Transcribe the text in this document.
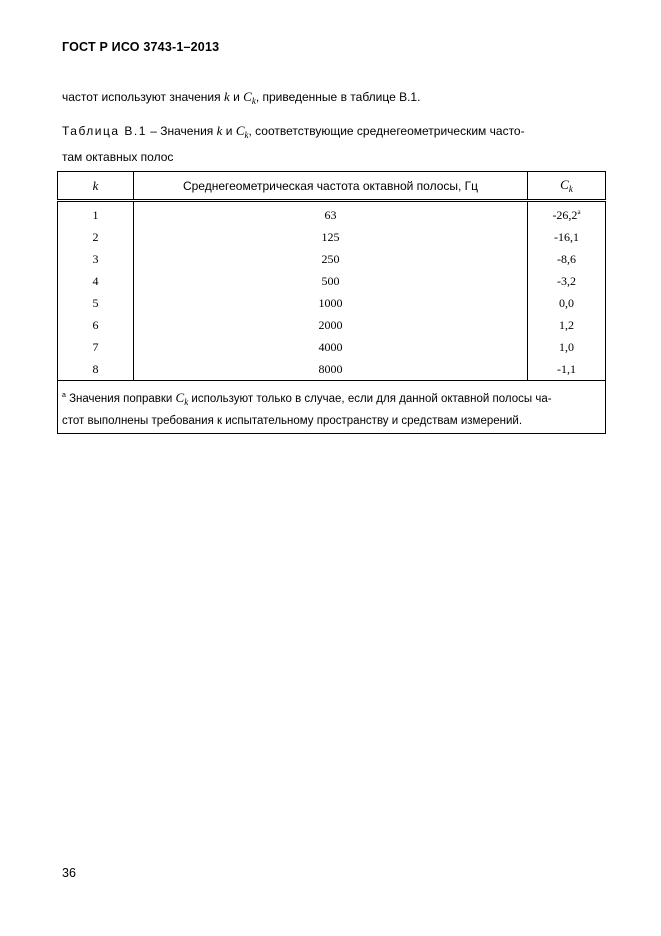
ГОСТ Р ИСО 3743-1–2013
частот используют значения k и $C_k$, приведенные в таблице В.1.
Таблица В.1 – Значения k и $C_k$, соответствующие среднегеометрическим часто-
там октавных полос
k	Среднегеометрическая частота октавной полосы, Гц	$C_k$
1	63	-26,2$^a$
2	125	-16,1
3	250	-8,6
4	500	-3,2
5	1000	0,0
6	2000	1,2
7	4000	1,0
8	8000	-1,1
$^a$ Значения поправки $C_k$ используют только в случае, если для данной октавной полосы ча-
стот выполнены требования к испытательному пространству и средствам измерений.		
36
